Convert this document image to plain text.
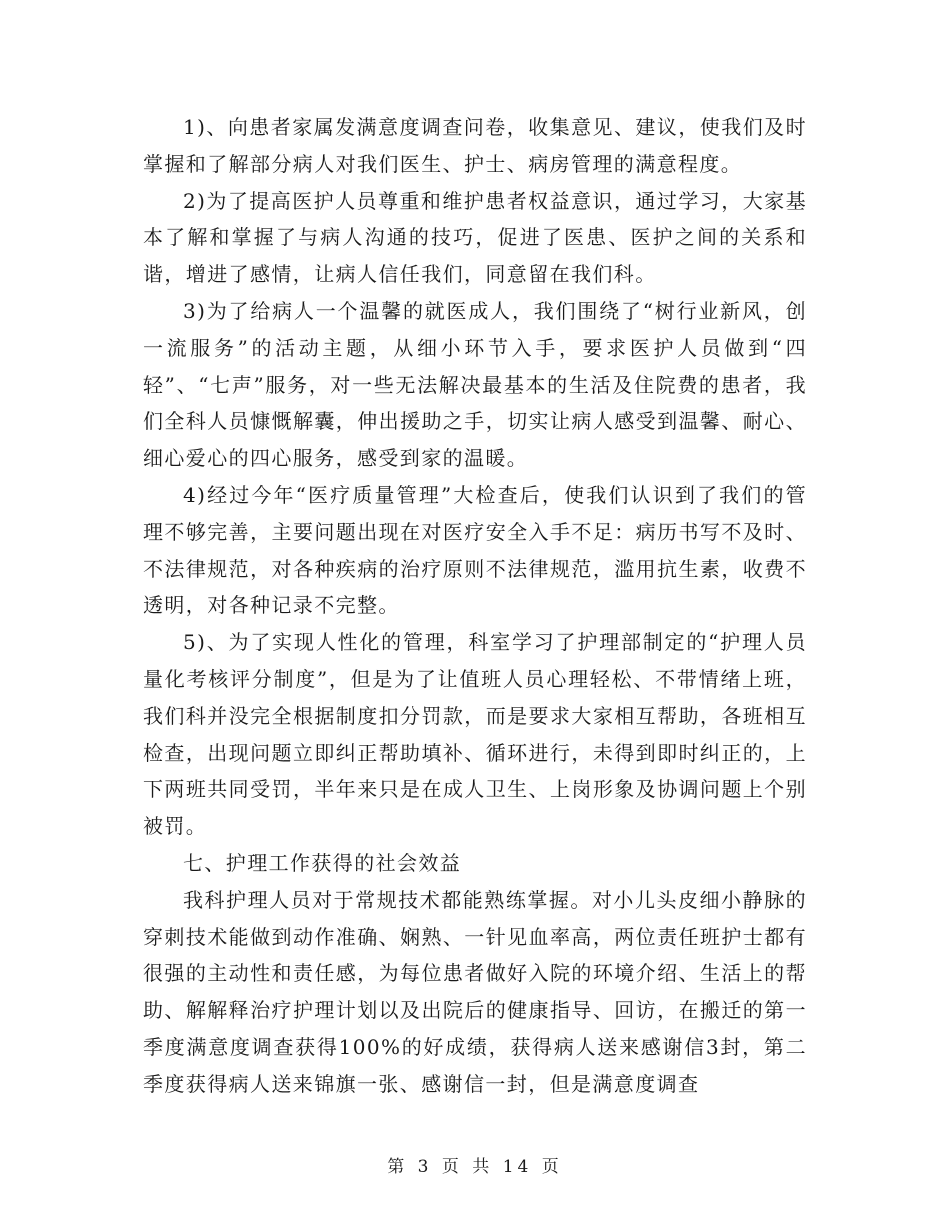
1)、向患者家属发满意度调查问卷，收集意见、建议，使我们及时掌握和了解部分病人对我们医生、护士、病房管理的满意程度。

2)为了提高医护人员尊重和维护患者权益意识，通过学习，大家基本了解和掌握了与病人沟通的技巧，促进了医患、医护之间的关系和谐，增进了感情，让病人信任我们，同意留在我们科。

3)为了给病人一个温馨的就医成人，我们围绕了“树行业新风，创一流服务”的活动主题，从细小环节入手，要求医护人员做到“四轻”、“七声”服务，对一些无法解决最基本的生活及住院费的患者，我们全科人员慷慨解囊，伸出援助之手，切实让病人感受到温馨、耐心、细心爱心的四心服务，感受到家的温暖。

4)经过今年“医疗质量管理”大检查后，使我们认识到了我们的管理不够完善，主要问题出现在对医疗安全入手不足：病历书写不及时、不法律规范，对各种疾病的治疗原则不法律规范，滥用抗生素，收费不透明，对各种记录不完整。

5)、为了实现人性化的管理，科室学习了护理部制定的“护理人员量化考核评分制度”，但是为了让值班人员心理轻松、不带情绪上班，我们科并没完全根据制度扣分罚款，而是要求大家相互帮助，各班相互检查，出现问题立即纠正帮助填补、循环进行，未得到即时纠正的，上下两班共同受罚，半年来只是在成人卫生、上岗形象及协调问题上个别被罚。

七、护理工作获得的社会效益

我科护理人员对于常规技术都能熟练掌握。对小儿头皮细小静脉的穿刺技术能做到动作准确、娴熟、一针见血率高，两位责任班护士都有很强的主动性和责任感，为每位患者做好入院的环境介绍、生活上的帮助、解解释治疗护理计划以及出院后的健康指导、回访，在搬迁的第一季度满意度调查获得100%的好成绩，获得病人送来感谢信3封，第二季度获得病人送来锦旗一张、感谢信一封，但是满意度调查

第 3 页 共 14 页
